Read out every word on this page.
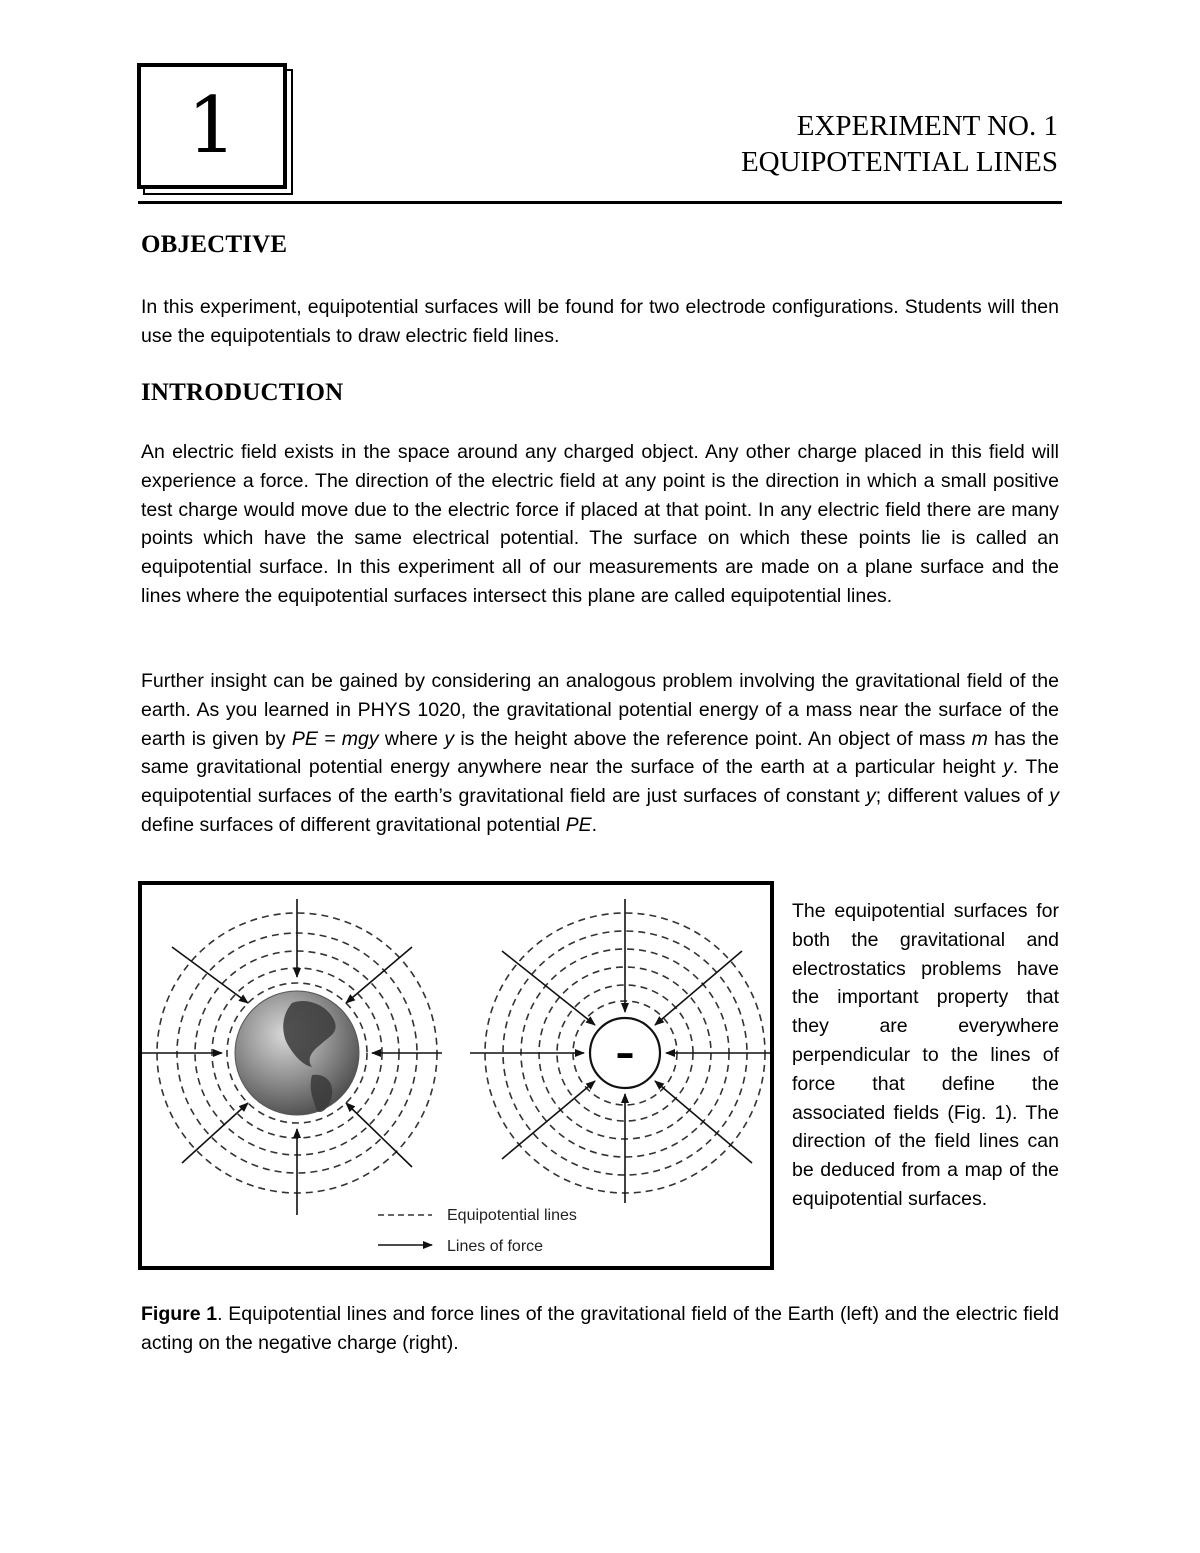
1	EXPERIMENT NO. 1
EQUIPOTENTIAL LINES
OBJECTIVE

In this experiment, equipotential surfaces will be found for two electrode configurations. Students will then use the equipotentials to draw electric field lines.

INTRODUCTION

An electric field exists in the space around any charged object. Any other charge placed in this field will experience a force. The direction of the electric field at any point is the direction in which a small positive test charge would move due to the electric force if placed at that point. In any electric field there are many points which have the same electrical potential. The surface on which these points lie is called an equipotential surface. In this experiment all of our measurements are made on a plane surface and the lines where the equipotential surfaces intersect this plane are called equipotential lines.

Further insight can be gained by considering an analogous problem involving the gravitational field of the earth. As you learned in PHYS 1020, the gravitational potential energy of a mass near the surface of the earth is given by PE = mgy where y is the height above the reference point. An object of mass m has the same gravitational potential energy anywhere near the surface of the earth at a particular height y. The equipotential surfaces of the earth’s gravitational field are just surfaces of constant y; different values of y define surfaces of different gravitational potential PE.

–
Equipotential lines
Lines of force
The equipotential surfaces for both the gravitational and electrostatics problems have the important property that they are everywhere perpendicular to the lines of force that define the associated fields (Fig. 1). The direction of the field lines can be deduced from a map of the equipotential surfaces.
Figure 1. Equipotential lines and force lines of the gravitational field of the Earth (left) and the electric field acting on the negative charge (right).
